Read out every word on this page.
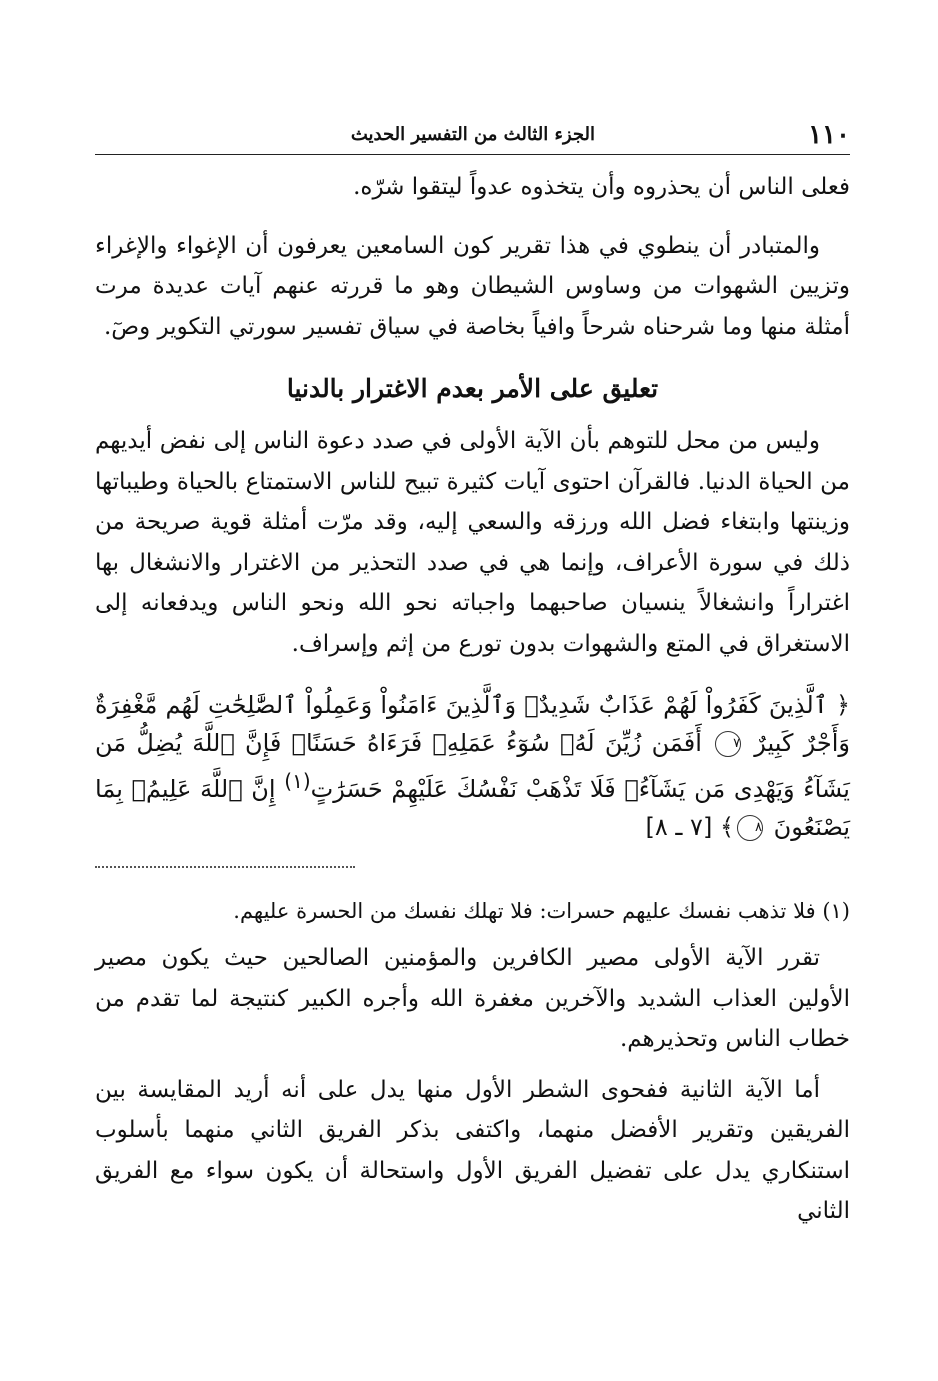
١١٠
الجزء الثالث من التفسير الحديث

فعلى الناس أن يحذروه وأن يتخذوه عدواً ليتقوا شرّه.

والمتبادر أن ينطوي في هذا تقرير كون السامعين يعرفون أن الإغواء والإغراء وتزيين الشهوات من وساوس الشيطان وهو ما قررته عنهم آيات عديدة مرت أمثلة منها وما شرحناه شرحاً وافياً بخاصة في سياق تفسير سورتي التكوير وصٓ.

تعليق على الأمر بعدم الاغترار بالدنيا

وليس من محل للتوهم بأن الآية الأولى في صدد دعوة الناس إلى نفض أيديهم من الحياة الدنيا. فالقرآن احتوى آيات كثيرة تبيح للناس الاستمتاع بالحياة وطيباتها وزينتها وابتغاء فضل الله ورزقه والسعي إليه، وقد مرّت أمثلة قوية صريحة من ذلك في سورة الأعراف، وإنما هي في صدد التحذير من الاغترار والانشغال بها اغتراراً وانشغالاً ينسيان صاحبهما واجباته نحو الله ونحو الناس ويدفعانه إلى الاستغراق في المتع والشهوات بدون تورع من إثم وإسراف.

﴿ ٱلَّذِينَ كَفَرُواْ لَهُمْ عَذَابٌ شَدِيدٌۖ وَٱلَّذِينَ ءَامَنُواْ وَعَمِلُواْ ٱلصَّٰلِحَٰتِ لَهُم مَّغْفِرَةٌ وَأَجْرٌ كَبِيرٌ ٧ أَفَمَن زُيِّنَ لَهُۥ سُوٓءُ عَمَلِهِۦ فَرَءَاهُ حَسَنًاۖ فَإِنَّ ٱللَّهَ يُضِلُّ مَن يَشَآءُ وَيَهْدِى مَن يَشَآءُۖ فَلَا تَذْهَبْ نَفْسُكَ عَلَيْهِمْ حَسَرَٰتٍ$^{(١)}$ إِنَّ ٱللَّهَ عَلِيمُۢ بِمَا يَصْنَعُونَ ٨﴾ [٧ ـ ٨]

(١) فلا تذهب نفسك عليهم حسرات: فلا تهلك نفسك من الحسرة عليهم.

تقرر الآية الأولى مصير الكافرين والمؤمنين الصالحين حيث يكون مصير الأولين العذاب الشديد والآخرين مغفرة الله وأجره الكبير كنتيجة لما تقدم من خطاب الناس وتحذيرهم.

أما الآية الثانية ففحوى الشطر الأول منها يدل على أنه أريد المقايسة بين الفريقين وتقرير الأفضل منهما، واكتفى بذكر الفريق الثاني منهما بأسلوب استنكاري يدل على تفضيل الفريق الأول واستحالة أن يكون سواء مع الفريق الثاني
